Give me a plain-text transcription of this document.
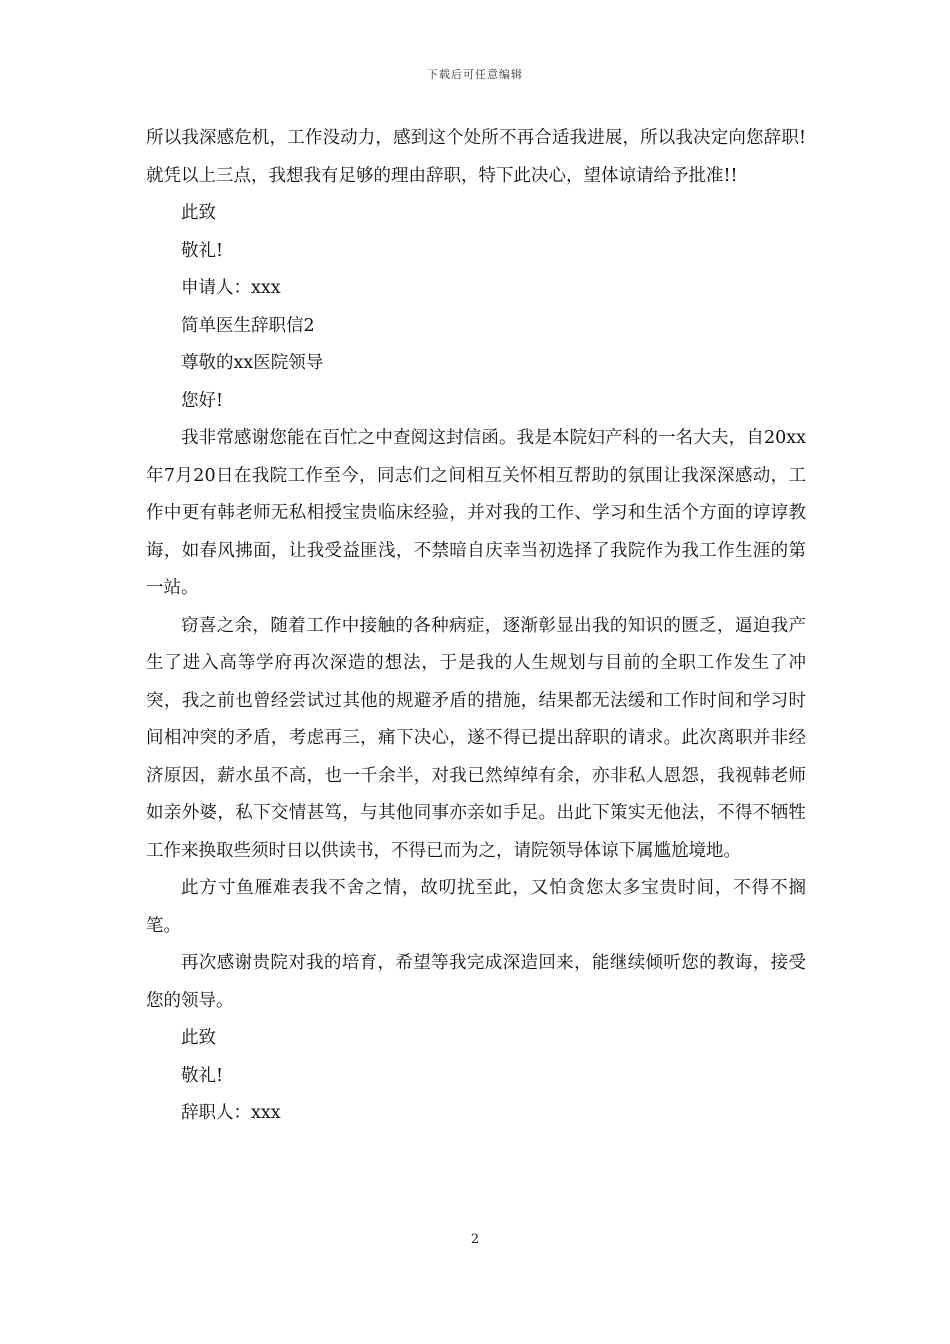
下载后可任意编辑

所以我深感危机，工作没动力，感到这个处所不再合适我进展，所以我决定向您辞职!就凭以上三点，我想我有足够的理由辞职，特下此决心，望体谅请给予批准!!

此致

敬礼!

申请人：xxx

简单医生辞职信2

尊敬的xx医院领导

您好!

我非常感谢您能在百忙之中查阅这封信函。我是本院妇产科的一名大夫，自20xx年7月20日在我院工作至今，同志们之间相互关怀相互帮助的氛围让我深深感动，工作中更有韩老师无私相授宝贵临床经验，并对我的工作、学习和生活个方面的谆谆教诲，如春风拂面，让我受益匪浅，不禁暗自庆幸当初选择了我院作为我工作生涯的第一站。

窃喜之余，随着工作中接触的各种病症，逐渐彰显出我的知识的匮乏，逼迫我产生了进入高等学府再次深造的想法，于是我的人生规划与目前的全职工作发生了冲突，我之前也曾经尝试过其他的规避矛盾的措施，结果都无法缓和工作时间和学习时间相冲突的矛盾，考虑再三，痛下决心，遂不得已提出辞职的请求。此次离职并非经济原因，薪水虽不高，也一千余半，对我已然绰绰有余，亦非私人恩怨，我视韩老师如亲外婆，私下交情甚笃，与其他同事亦亲如手足。出此下策实无他法，不得不牺牲工作来换取些须时日以供读书，不得已而为之，请院领导体谅下属尴尬境地。

此方寸鱼雁难表我不舍之情，故叨扰至此，又怕贪您太多宝贵时间，不得不搁笔。

再次感谢贵院对我的培育，希望等我完成深造回来，能继续倾听您的教诲，接受您的领导。

此致

敬礼!

辞职人：xxx

2
